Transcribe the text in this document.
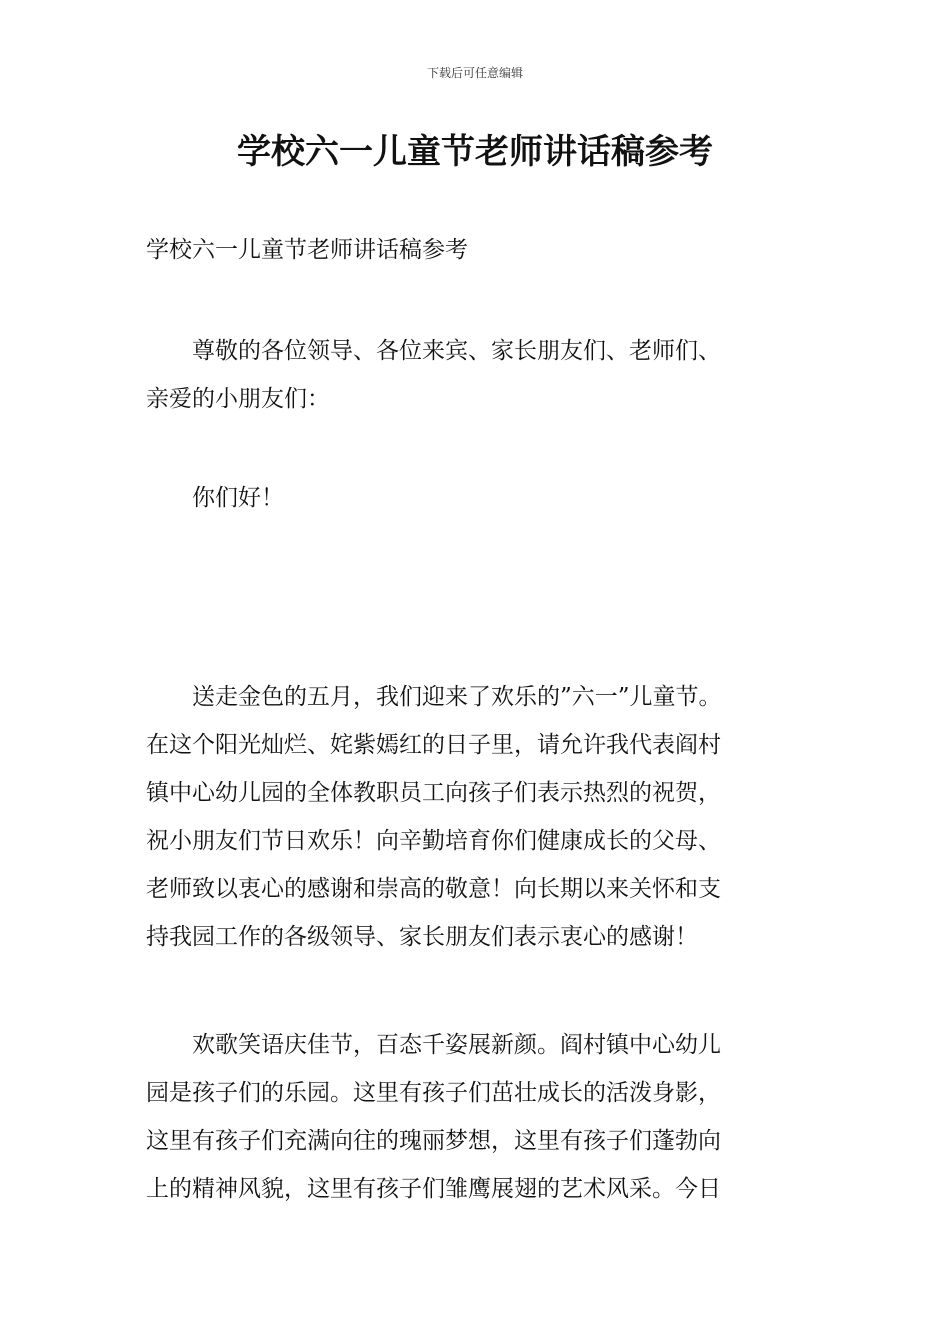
下载后可任意编辑
学校六一儿童节老师讲话稿参考

学校六一儿童节老师讲话稿参考

　　尊敬的各位领导、各位来宾、家长朋友们、老师们、
亲爱的小朋友们：

　　你们好！

　　送走金色的五月，我们迎来了欢乐的”六一”儿童节。
在这个阳光灿烂、姹紫嫣红的日子里，请允许我代表阎村
镇中心幼儿园的全体教职员工向孩子们表示热烈的祝贺，
祝小朋友们节日欢乐！向辛勤培育你们健康成长的父母、
老师致以衷心的感谢和崇高的敬意！向长期以来关怀和支
持我园工作的各级领导、家长朋友们表示衷心的感谢！

　　欢歌笑语庆佳节，百态千姿展新颜。阎村镇中心幼儿
园是孩子们的乐园。这里有孩子们茁壮成长的活泼身影，
这里有孩子们充满向往的瑰丽梦想，这里有孩子们蓬勃向
上的精神风貌，这里有孩子们雏鹰展翅的艺术风采。今日
